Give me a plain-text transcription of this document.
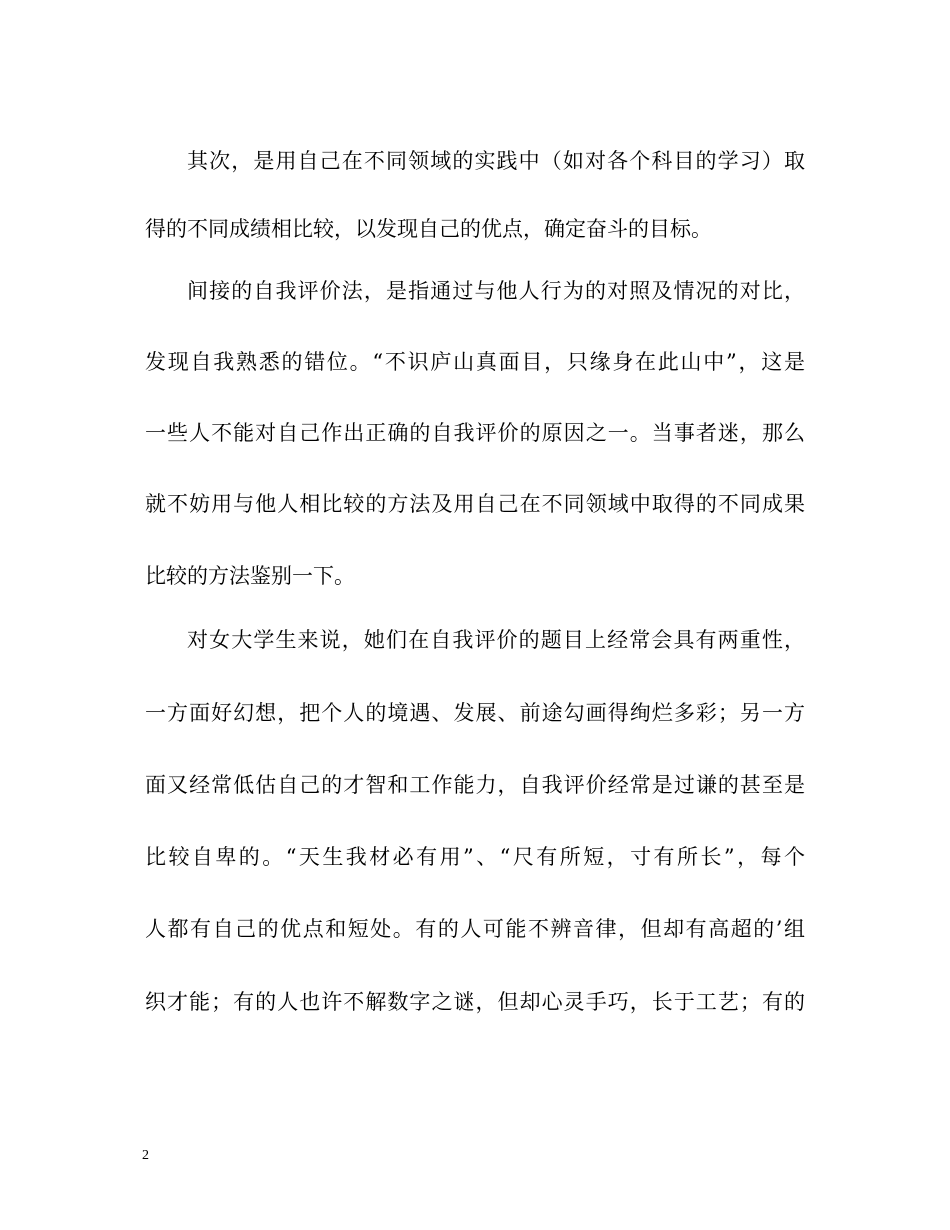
其次，是用自己在不同领域的实践中（如对各个科目的学习）取
得的不同成绩相比较，以发现自己的优点，确定奋斗的目标。
间接的自我评价法，是指通过与他人行为的对照及情况的对比，
发现自我熟悉的错位。“不识庐山真面目，只缘身在此山中”，这是
一些人不能对自己作出正确的自我评价的原因之一。当事者迷，那么
就不妨用与他人相比较的方法及用自己在不同领域中取得的不同成果
比较的方法鉴别一下。
对女大学生来说，她们在自我评价的题目上经常会具有两重性，
一方面好幻想，把个人的境遇、发展、前途勾画得绚烂多彩；另一方
面又经常低估自己的才智和工作能力，自我评价经常是过谦的甚至是
比较自卑的。“天生我材必有用”、“尺有所短，寸有所长”，每个
人都有自己的优点和短处。有的人可能不辨音律，但却有高超的’组
织才能；有的人也许不解数字之谜，但却心灵手巧，长于工艺；有的
2
